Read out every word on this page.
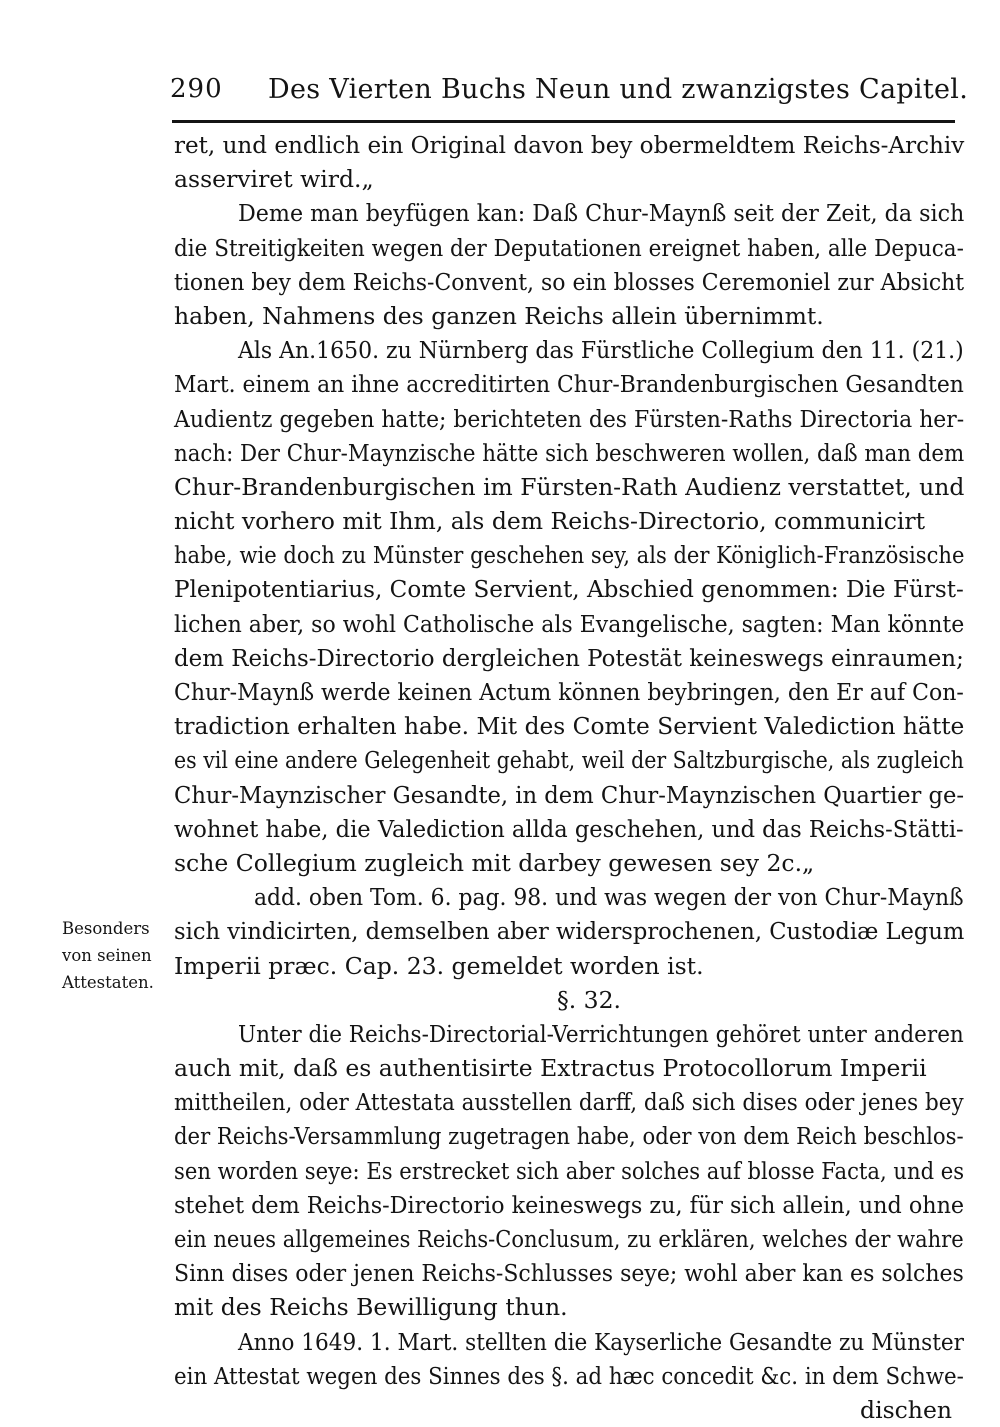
290 Des Vierten Buchs Neun und zwanzigstes Capitel.
ret, und endlich ein Original davon bey obermeldtem Reichs-Archiv
asserviret wird.„
Deme man beyfügen kan: Daß Chur-Maynß seit der Zeit, da sich
die Streitigkeiten wegen der Deputationen ereignet haben, alle Depuca-
tionen bey dem Reichs-Convent, so ein blosses Ceremoniel zur Absicht
haben, Nahmens des ganzen Reichs allein übernimmt.
Als An.1650. zu Nürnberg das Fürstliche Collegium den 11. (21.)
Mart. einem an ihne accreditirten Chur-Brandenburgischen Gesandten
Audientz gegeben hatte; berichteten des Fürsten-Raths Directoria her-
nach: Der Chur-Maynzische hätte sich beschweren wollen, daß man dem
Chur-Brandenburgischen im Fürsten-Rath Audienz verstattet, und
nicht vorhero mit Ihm, als dem Reichs-Directorio, communicirt
habe, wie doch zu Münster geschehen sey, als der Königlich-Französische
Plenipotentiarius, Comte Servient, Abschied genommen: Die Fürst-
lichen aber, so wohl Catholische als Evangelische, sagten: Man könnte
dem Reichs-Directorio dergleichen Potestät keineswegs einraumen;
Chur-Maynß werde keinen Actum können beybringen, den Er auf Con-
tradiction erhalten habe. Mit des Comte Servient Valediction hätte
es vil eine andere Gelegenheit gehabt, weil der Saltzburgische, als zugleich
Chur-Maynzischer Gesandte, in dem Chur-Maynzischen Quartier ge-
wohnet habe, die Valediction allda geschehen, und das Reichs-Stätti-
sche Collegium zugleich mit darbey gewesen sey 2c.„
add. oben Tom. 6. pag. 98. und was wegen der von Chur-Maynß
sich vindicirten, demselben aber widersprochenen, Custodiæ Legum
Imperii præc. Cap. 23. gemeldet worden ist.
§. 32.
Unter die Reichs-Directorial-Verrichtungen gehöret unter anderen
auch mit, daß es authentisirte Extractus Protocollorum Imperii
mittheilen, oder Attestata ausstellen darff, daß sich dises oder jenes bey
der Reichs-Versammlung zugetragen habe, oder von dem Reich beschlos-
sen worden seye: Es erstrecket sich aber solches auf blosse Facta, und es
stehet dem Reichs-Directorio keineswegs zu, für sich allein, und ohne
ein neues allgemeines Reichs-Conclusum, zu erklären, welches der wahre
Sinn dises oder jenen Reichs-Schlusses seye; wohl aber kan es solches
mit des Reichs Bewilligung thun.
Anno 1649. 1. Mart. stellten die Kayserliche Gesandte zu Münster
ein Attestat wegen des Sinnes des §. ad hæc concedit &c. in dem Schwe-
dischen
Besonders
von seinen
Attestaten.
